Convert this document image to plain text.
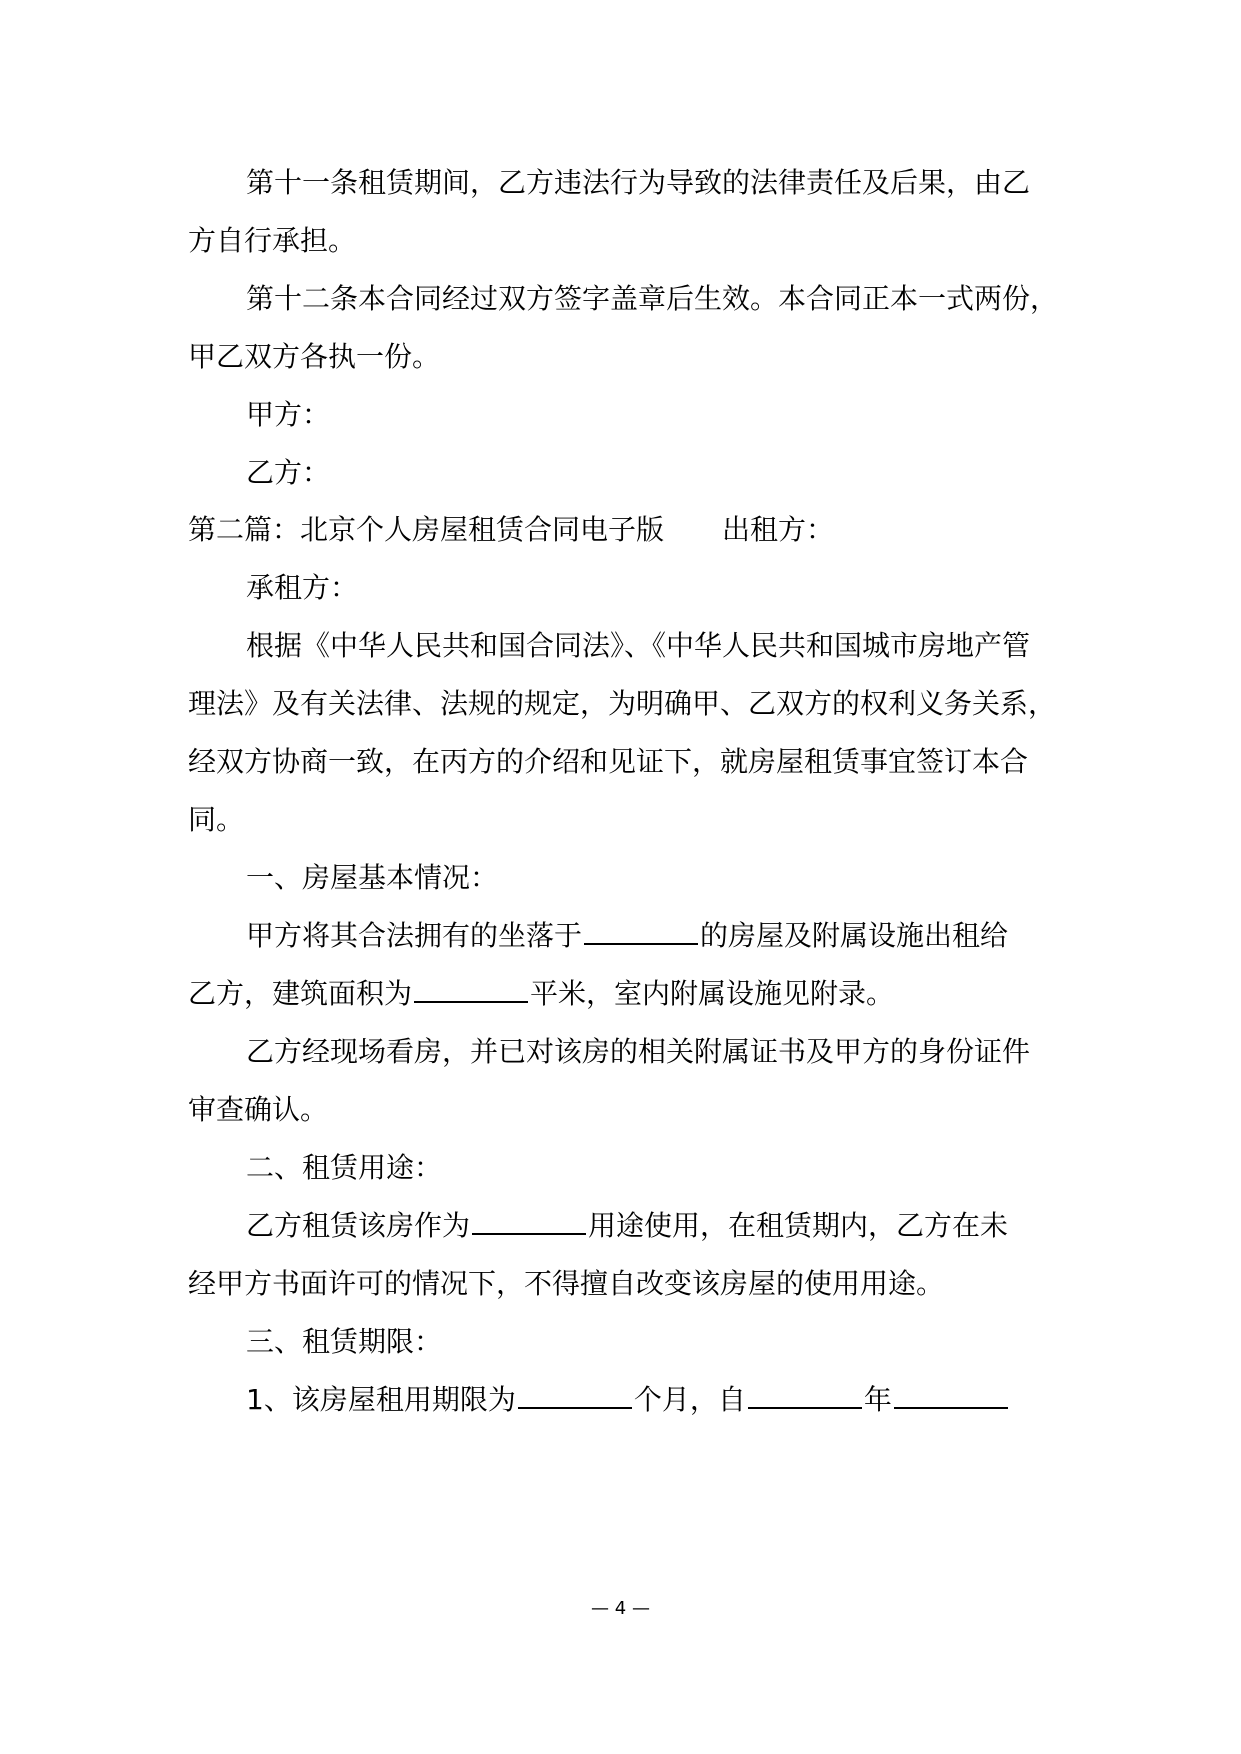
第十一条租赁期间，乙方违法行为导致的法律责任及后果，由乙
方自行承担。
第十二条本合同经过双方签字盖章后生效。本合同正本一式两份，
甲乙双方各执一份。
甲方：
乙方：
第二篇：北京个人房屋租赁合同电子版 出租方：
承租方：
根据《中华人民共和国合同法》、《中华人民共和国城市房地产管
理法》及有关法律、法规的规定，为明确甲、乙双方的权利义务关系，
经双方协商一致，在丙方的介绍和见证下，就房屋租赁事宜签订本合
同。
一、房屋基本情况：
甲方将其合法拥有的坐落于	的房屋及附属设施出租给
乙方，建筑面积为	平米，室内附属设施见附录。
乙方经现场看房，并已对该房的相关附属证书及甲方的身份证件
审查确认。
二、租赁用途：
乙方租赁该房作为	用途使用，在租赁期内，乙方在未
经甲方书面许可的情况下，不得擅自改变该房屋的使用用途。
三、租赁期限：
1、该房屋租用期限为	个月，自	年
— 4 —
